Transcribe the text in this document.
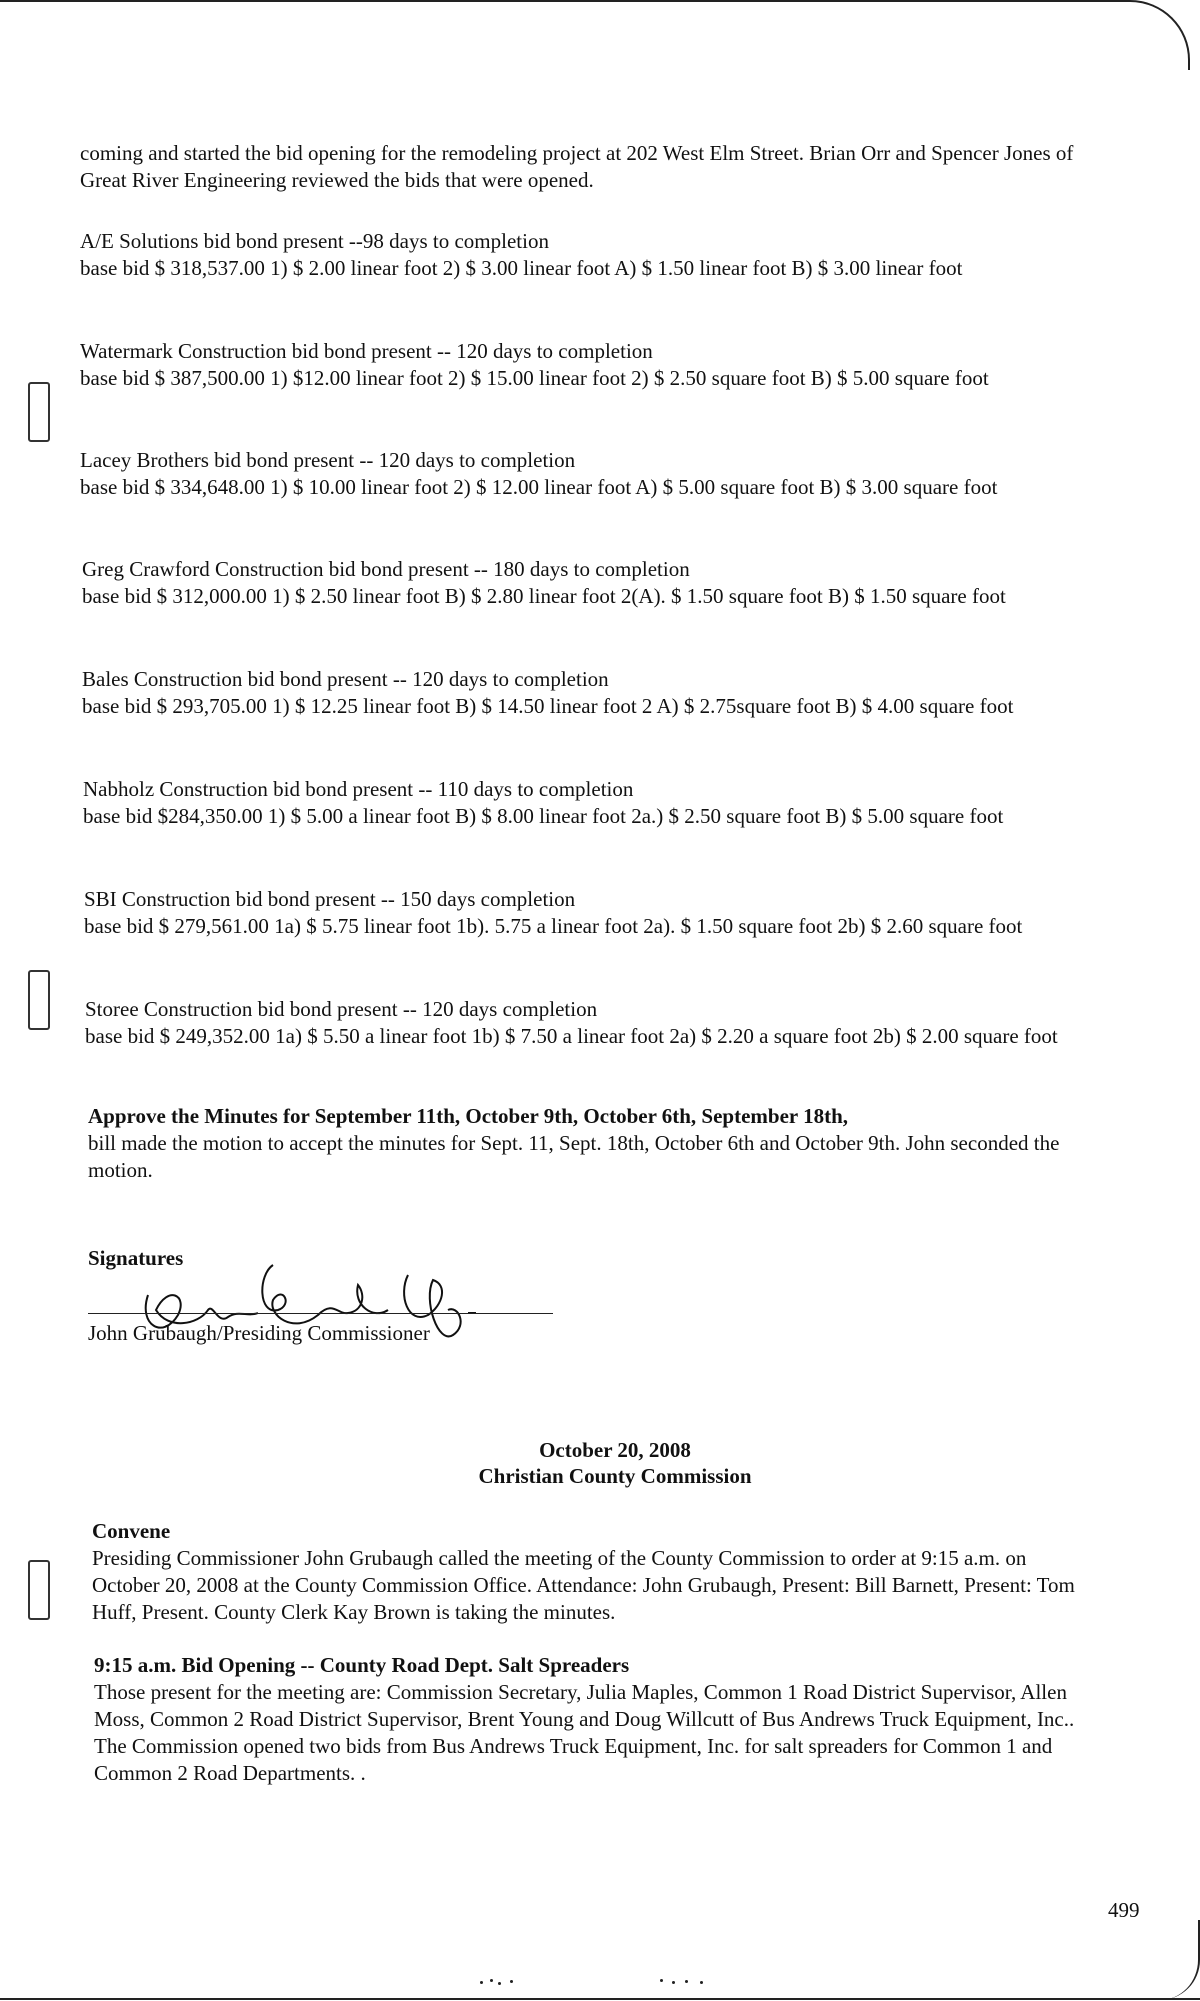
coming and started the bid opening for the remodeling project at 202 West Elm Street. Brian Orr and Spencer Jones of Great River Engineering reviewed the bids that were opened.

A/E Solutions bid bond present --98 days to completion

base bid $ 318,537.00 1) $ 2.00 linear foot 2) $ 3.00 linear foot A) $ 1.50 linear foot B) $ 3.00 linear foot

Watermark Construction bid bond present -- 120 days to completion

base bid $ 387,500.00 1) $12.00 linear foot 2) $ 15.00 linear foot 2) $ 2.50 square foot B) $ 5.00 square foot

Lacey Brothers bid bond present -- 120 days to completion

base bid $ 334,648.00 1) $ 10.00 linear foot 2) $ 12.00 linear foot A) $ 5.00 square foot B) $ 3.00 square foot

Greg Crawford Construction bid bond present -- 180 days to completion

base bid $ 312,000.00 1) $ 2.50 linear foot B) $ 2.80 linear foot 2(A). $ 1.50 square foot B) $ 1.50 square foot

Bales Construction bid bond present -- 120 days to completion

base bid $ 293,705.00 1) $ 12.25 linear foot B) $ 14.50 linear foot 2 A) $ 2.75square foot B) $ 4.00 square foot

Nabholz Construction bid bond present -- 110 days to completion

base bid $284,350.00 1) $ 5.00 a linear foot B) $ 8.00 linear foot 2a.) $ 2.50 square foot B) $ 5.00 square foot

SBI Construction bid bond present -- 150 days completion

base bid $ 279,561.00 1a) $ 5.75 linear foot 1b). 5.75 a linear foot 2a). $ 1.50 square foot 2b) $ 2.60 square foot

Storee Construction bid bond present -- 120 days completion

base bid $ 249,352.00 1a) $ 5.50 a linear foot 1b) $ 7.50 a linear foot 2a) $ 2.20 a square foot 2b) $ 2.00 square foot

Approve the Minutes for September 11th, October 9th, October 6th, September 18th,

bill made the motion to accept the minutes for Sept. 11, Sept. 18th, October 6th and October 9th. John seconded the motion.

Signatures
John Grubaugh/Presiding Commissioner
October 20, 2008
Christian County Commission

Convene

Presiding Commissioner John Grubaugh called the meeting of the County Commission to order at 9:15 a.m. on October 20, 2008 at the County Commission Office. Attendance: John Grubaugh, Present: Bill Barnett, Present: Tom Huff, Present. County Clerk Kay Brown is taking the minutes.

9:15 a.m. Bid Opening -- County Road Dept. Salt Spreaders

Those present for the meeting are: Commission Secretary, Julia Maples, Common 1 Road District Supervisor, Allen Moss, Common 2 Road District Supervisor, Brent Young and Doug Willcutt of Bus Andrews Truck Equipment, Inc..

The Commission opened two bids from Bus Andrews Truck Equipment, Inc. for salt spreaders for Common 1 and Common 2 Road Departments. .

499
